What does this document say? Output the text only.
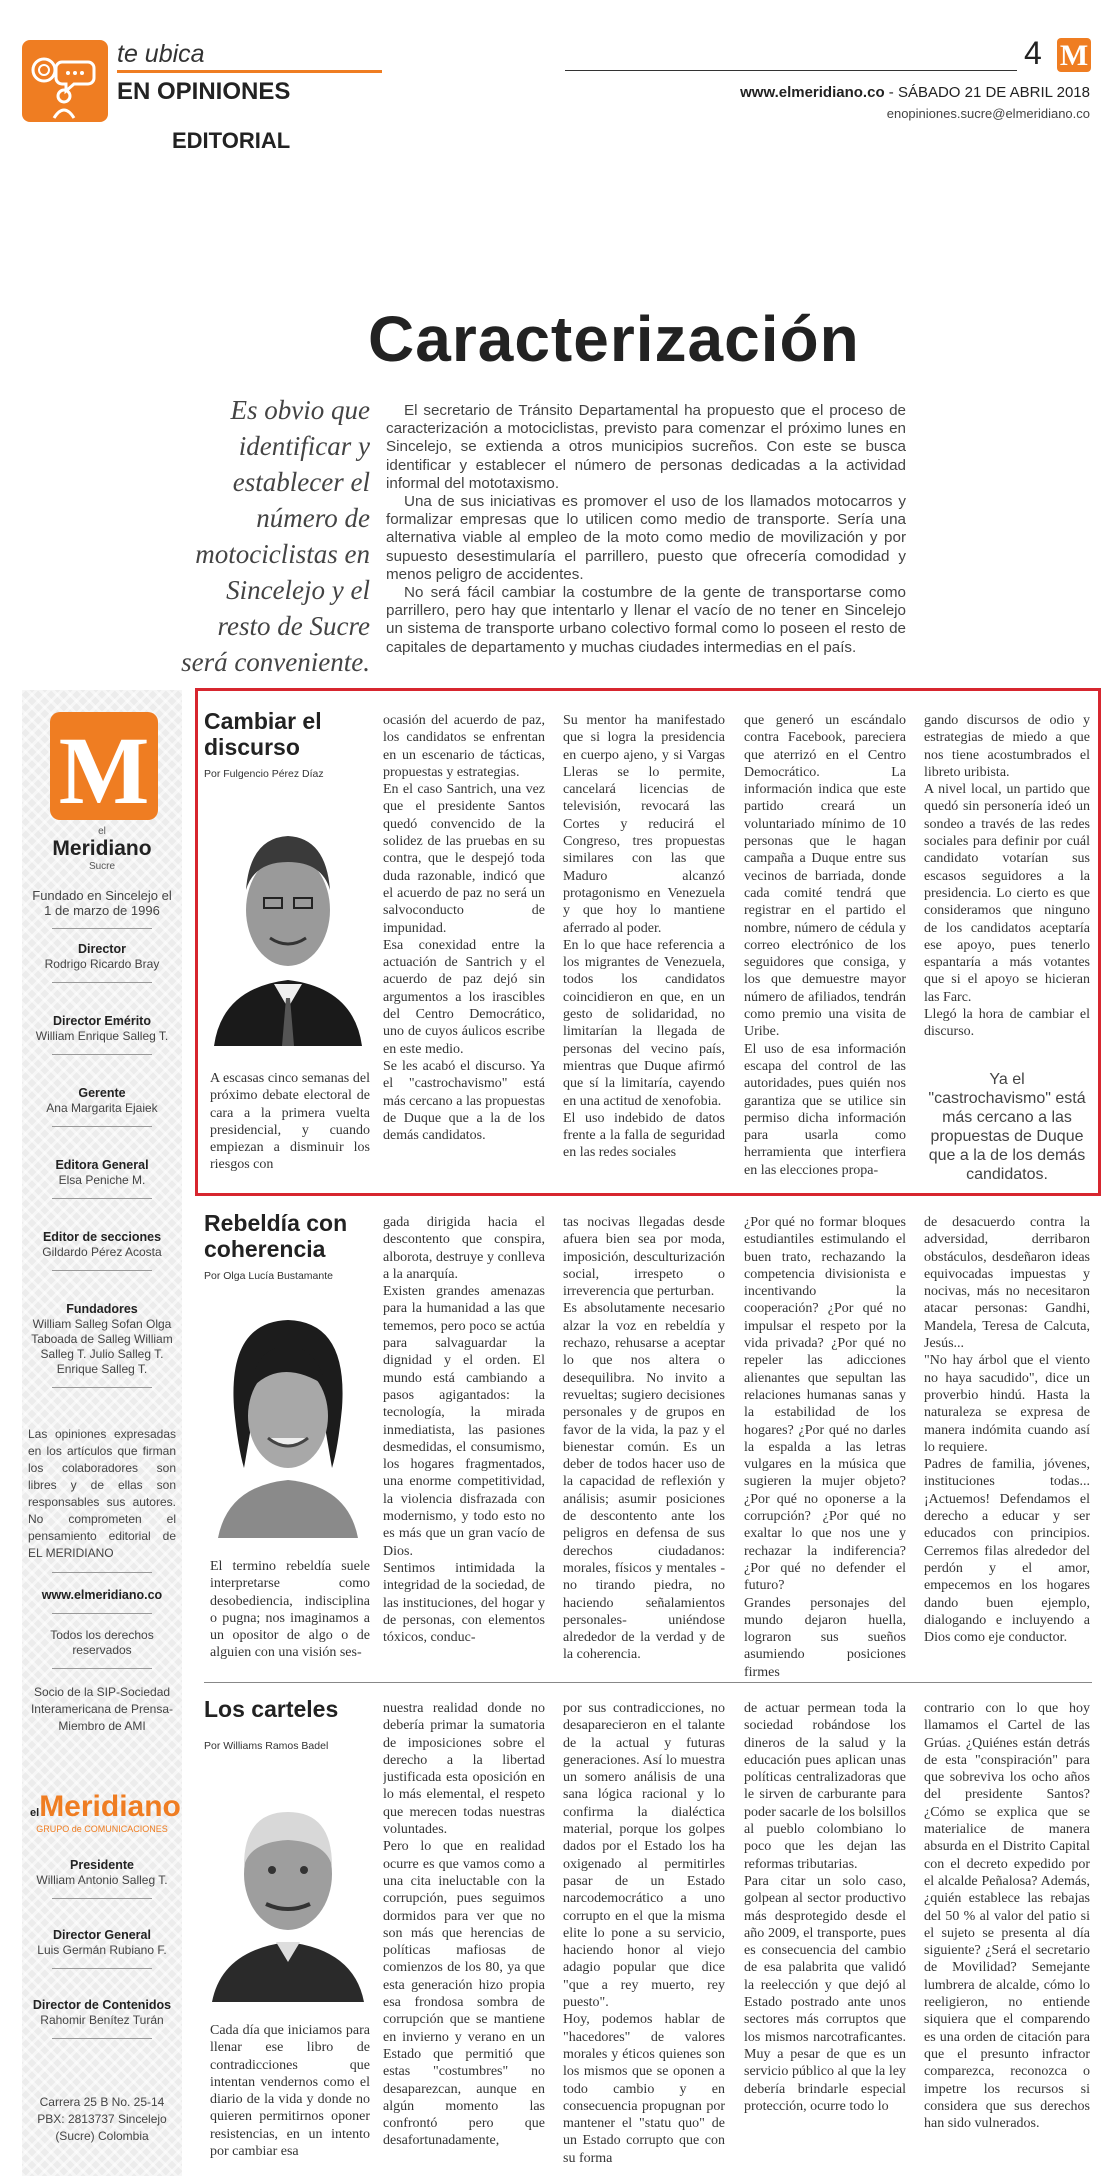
te ubica
EN OPINIONES
EDITORIAL
4 M
www.elmeridiano.co - SÁBADO 21 DE ABRIL 2018
enopiniones.sucre@elmeridiano.co
Caracterización
Es obvio que identificar y establecer el número de motociclistas en Sincelejo y el resto de Sucre será conveniente.

El secretario de Tránsito Departamental ha propuesto que el proceso de caracterización a motociclistas, previsto para comenzar el próximo lunes en Sincelejo, se extienda a otros municipios sucreños. Con este se busca identificar y establecer el número de personas dedicadas a la actividad informal del mototaxismo.

Una de sus iniciativas es promover el uso de los llamados motocarros y formalizar empresas que lo utilicen como medio de transporte. Sería una alternativa viable al empleo de la moto como medio de movilización y por supuesto desestimularía el parrillero, puesto que ofrecería comodidad y menos peligro de accidentes.

No será fácil cambiar la costumbre de la gente de transportarse como parrillero, pero hay que intentarlo y llenar el vacío de no tener en Sincelejo un sistema de transporte urbano colectivo formal como lo poseen el resto de capitales de departamento y muchas ciudades intermedias en el país.

M
el
Meridiano
Sucre
Fundado en Sincelejo el 1 de marzo de 1996
Director
Rodrigo Ricardo Bray
Director Emérito
William Enrique Salleg T.
Gerente
Ana Margarita Ejaiek
Editora General
Elsa Peniche M.
Editor de secciones
Gildardo Pérez Acosta
Fundadores
William Salleg Sofan Olga Taboada de Salleg William Salleg T. Julio Salleg T. Enrique Salleg T.
Las opiniones expresadas en los artículos que firman los colaboradores son libres y de ellas son responsables sus autores. No comprometen el pensamiento editorial de EL MERIDIANO
www.elmeridiano.co
Todos los derechos reservados
Socio de la SIP-Sociedad Interamericana de Prensa-Miembro de AMI
elMeridiano
GRUPO de COMUNICACIONES
Presidente
William Antonio Salleg T.
Director General
Luis Germán Rubiano F.
Director de Contenidos
Rahomir Benítez Turán
Carrera 25 B No. 25-14 PBX: 2813737 Sincelejo (Sucre) Colombia
Cambiar el discurso
Por Fulgencio Pérez Díaz
A escasas cinco semanas del próximo debate electoral de cara a la primera vuelta presidencial, y cuando empiezan a disminuir los riesgos con
ocasión del acuerdo de paz, los candidatos se enfrentan en un escenario de tácticas, propuestas y estrategias.
En el caso Santrich, una vez que el presidente Santos quedó convencido de la solidez de las pruebas en su contra, que le despejó toda duda razonable, indicó que el acuerdo de paz no será un salvoconducto de impunidad.
Esa conexidad entre la actuación de Santrich y el acuerdo de paz dejó sin argumentos a los irascibles del Centro Democrático, uno de cuyos áulicos escribe en este medio.
Se les acabó el discurso. Ya el "castrochavismo" está más cercano a las propuestas de Duque que a la de los demás candidatos.
Su mentor ha manifestado que si logra la presidencia en cuerpo ajeno, y si Vargas Lleras se lo permite, cancelará licencias de televisión, revocará las Cortes y reducirá el Congreso, tres propuestas similares con las que Maduro alcanzó protagonismo en Venezuela y que hoy lo mantiene aferrado al poder.
En lo que hace referencia a los migrantes de Venezuela, todos los candidatos coincidieron en que, en un gesto de solidaridad, no limitarían la llegada de personas del vecino país, mientras que Duque afirmó que sí la limitaría, cayendo en una actitud de xenofobia.
El uso indebido de datos frente a la falla de seguridad en las redes sociales
que generó un escándalo contra Facebook, pareciera que aterrizó en el Centro Democrático. La información indica que este partido creará un voluntariado mínimo de 10 personas que le hagan campaña a Duque entre sus vecinos de barriada, donde cada comité tendrá que registrar en el partido el nombre, número de cédula y correo electrónico de los seguidores que consiga, y los que demuestre mayor número de afiliados, tendrán como premio una visita de Uribe.
El uso de esa información escapa del control de las autoridades, pues quién nos garantiza que se utilice sin permiso dicha información para usarla como herramienta que interfiera en las elecciones propa-
gando discursos de odio y estrategias de miedo a que nos tiene acostumbrados el libreto uribista.
A nivel local, un partido que quedó sin personería ideó un sondeo a través de las redes sociales para definir por cuál candidato votarían sus escasos seguidores a la presidencia. Lo cierto es que consideramos que ninguno de los candidatos aceptaría ese apoyo, pues tenerlo espantaría a más votantes que si el apoyo se hicieran las Farc.
Llegó la hora de cambiar el discurso.
Ya el "castrochavismo" está más cercano a las propuestas de Duque que a la de los demás candidatos.
Rebeldía con coherencia
Por Olga Lucía Bustamante
El termino rebeldía suele interpretarse como desobediencia, indisciplina o pugna; nos imaginamos a un opositor de algo o de alguien con una visión ses-
gada dirigida hacia el descontento que conspira, alborota, destruye y conlleva a la anarquía.
Existen grandes amenazas para la humanidad a las que tememos, pero poco se actúa para salvaguardar la dignidad y el orden. El mundo está cambiando a pasos agigantados: la tecnología, la mirada inmediatista, las pasiones desmedidas, el consumismo, los hogares fragmentados, una enorme competitividad, la violencia disfrazada con modernismo, y todo esto no es más que un gran vacío de Dios.
Sentimos intimidada la integridad de la sociedad, de las instituciones, del hogar y de personas, con elementos tóxicos, conduc-
tas nocivas llegadas desde afuera bien sea por moda, imposición, desculturización social, irrespeto o irreverencia que perturban.
Es absolutamente necesario alzar la voz en rebeldía y rechazo, rehusarse a aceptar lo que nos altera o desequilibra. No invito a revueltas; sugiero decisiones personales y de grupos en favor de la vida, la paz y el bienestar común. Es un deber de todos hacer uso de la capacidad de reflexión y análisis; asumir posiciones de descontento ante los peligros en defensa de sus derechos ciudadanos: morales, físicos y mentales -no tirando piedra, no haciendo señalamientos personales- uniéndose alrededor de la verdad y de la coherencia.
¿Por qué no formar bloques estudiantiles estimulando el buen trato, rechazando la competencia divisionista e incentivando la cooperación? ¿Por qué no impulsar el respeto por la vida privada? ¿Por qué no repeler las adicciones alienantes que sepultan las relaciones humanas sanas y la estabilidad de los hogares? ¿Por qué no darles la espalda a las letras vulgares en la música que sugieren la mujer objeto? ¿Por qué no oponerse a la corrupción? ¿Por qué no exaltar lo que nos une y rechazar la indiferencia? ¿Por qué no defender el futuro?
Grandes personajes del mundo dejaron huella, lograron sus sueños asumiendo posiciones firmes
de desacuerdo contra la adversidad, derribaron obstáculos, desdeñaron ideas equivocadas impuestas y nocivas, más no necesitaron atacar personas: Gandhi, Mandela, Teresa de Calcuta, Jesús...
"No hay árbol que el viento no haya sacudido", dice un proverbio hindú. Hasta la naturaleza se expresa de manera indómita cuando así lo requiere.
Padres de familia, jóvenes, instituciones todas... ¡Actuemos! Defendamos el derecho a educar y ser educados con principios. Cerremos filas alrededor del perdón y el amor, empecemos en los hogares dando buen ejemplo, dialogando e incluyendo a Dios como eje conductor.
Los carteles
Por Williams Ramos Badel
Cada día que iniciamos para llenar ese libro de contradicciones que intentan vendernos como el diario de la vida y donde no quieren permitirnos oponer resistencias, en un intento por cambiar esa
nuestra realidad donde no debería primar la sumatoria de imposiciones sobre el derecho a la libertad justificada esta oposición en lo más elemental, el respeto que merecen todas nuestras voluntades.
Pero lo que en realidad ocurre es que vamos como a una cita ineluctable con la corrupción, pues seguimos dormidos para ver que no son más que herencias de políticas mafiosas de comienzos de los 80, ya que esta generación hizo propia esa frondosa sombra de corrupción que se mantiene en invierno y verano en un Estado que permitió que estas "costumbres" no desaparezcan, aunque en algún momento las confrontó pero que desafortunadamente,
por sus contradicciones, no desaparecieron en el talante de la actual y futuras generaciones. Así lo muestra un somero análisis de una sana lógica racional y lo confirma la dialéctica material, porque los golpes dados por el Estado los ha oxigenado al permitirles pasar de un Estado narcodemocrático a uno corrupto en el que la misma elite lo pone a su servicio, haciendo honor al viejo adagio popular que dice "que a rey muerto, rey puesto".
Hoy, podemos hablar de "hacedores" de valores morales y éticos quienes son los mismos que se oponen a todo cambio y en consecuencia propugnan por mantener el "statu quo" de un Estado corrupto que con su forma
de actuar permean toda la sociedad robándose los dineros de la salud y la educación pues aplican unas políticas centralizadoras que le sirven de carburante para poder sacarle de los bolsillos al pueblo colombiano lo poco que les dejan las reformas tributarias.
Para citar un solo caso, golpean al sector productivo más desprotegido desde el año 2009, el transporte, pues es consecuencia del cambio de esa palabrita que validó la reelección y que dejó al Estado postrado ante unos sectores más corruptos que los mismos narcotraficantes. Muy a pesar de que es un servicio público al que la ley debería brindarle especial protección, ocurre todo lo
contrario con lo que hoy llamamos el Cartel de las Grúas. ¿Quiénes están detrás de esta "conspiración" para que sobreviva los ocho años del presidente Santos? ¿Cómo se explica que se materialice de manera absurda en el Distrito Capital con el decreto expedido por el alcalde Peñalosa? Además, ¿quién establece las rebajas del 50 % al valor del patio si el sujeto se presenta al día siguiente? ¿Será el secretario de Movilidad? Semejante lumbrera de alcalde, cómo lo reeligieron, no entiende siquiera que el comparendo es una orden de citación para que el presunto infractor comparezca, reconozca o impetre los recursos si considera que sus derechos han sido vulnerados.
